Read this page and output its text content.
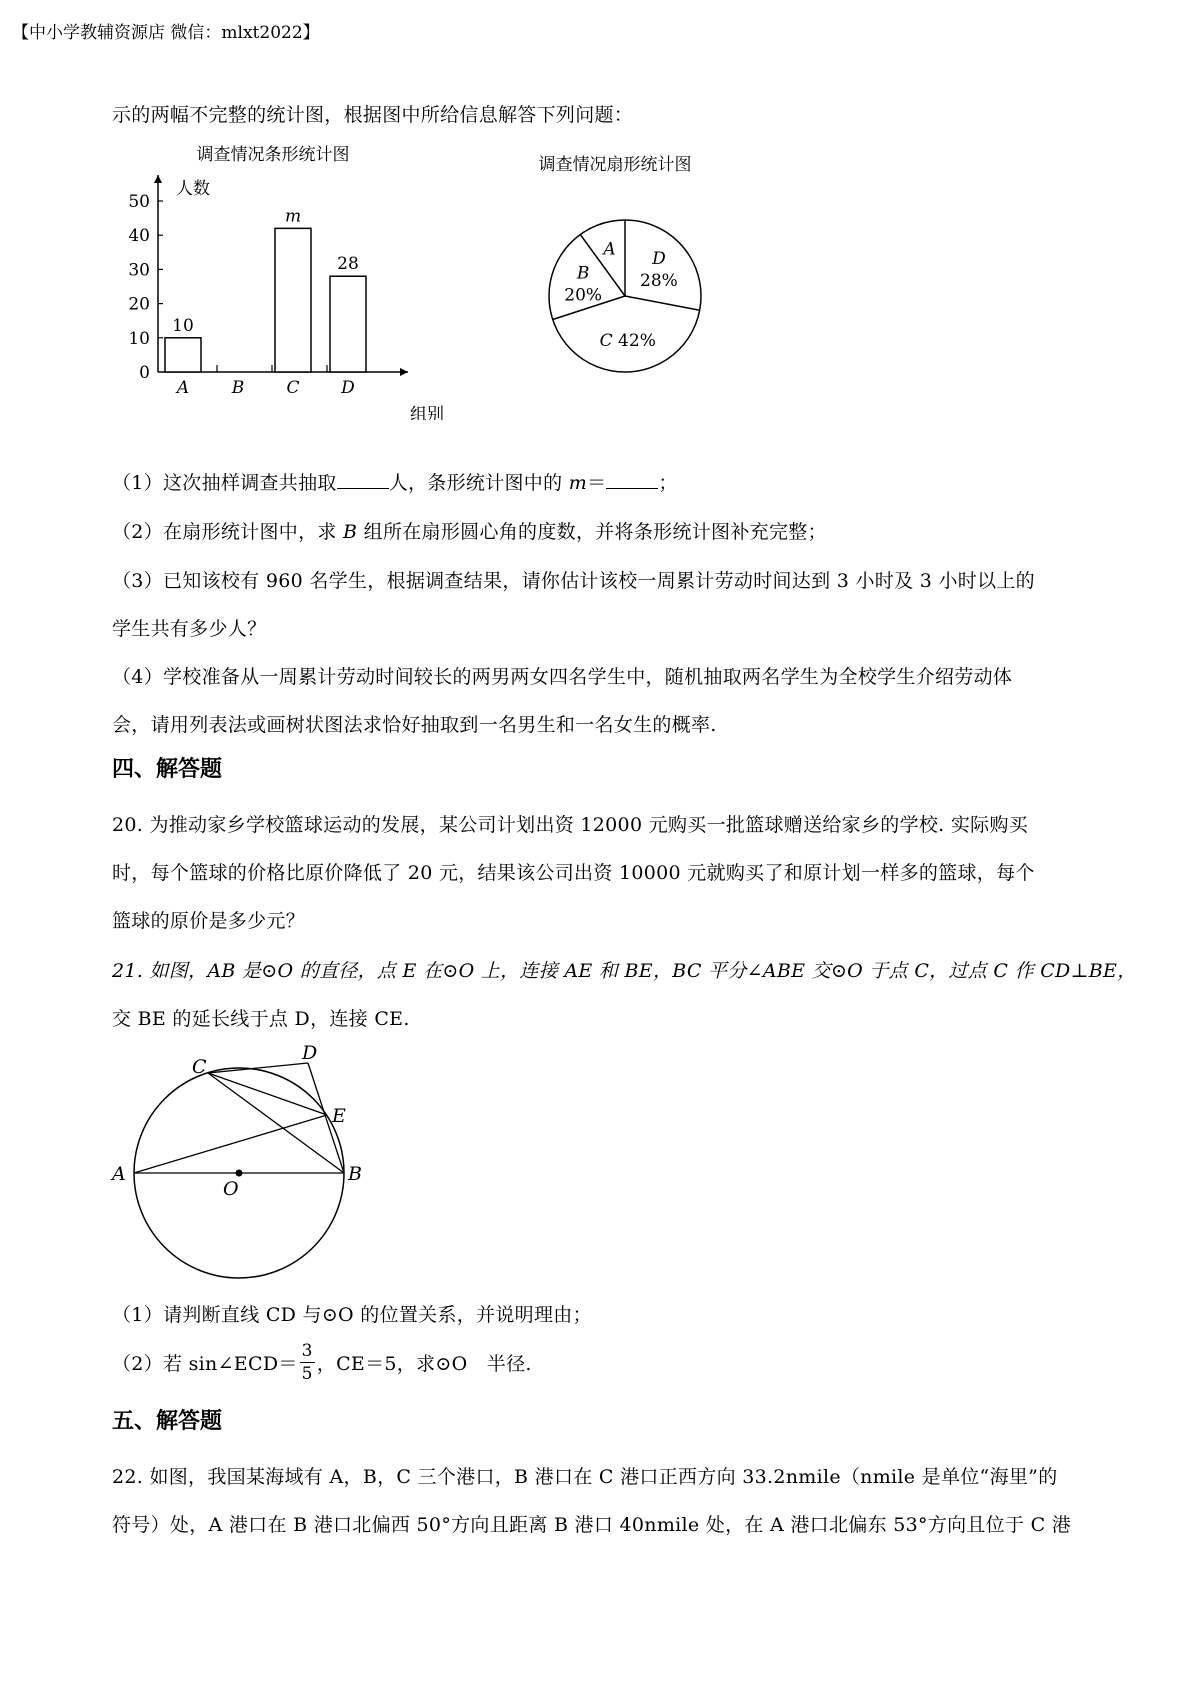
【中小学教辅资源店 微信：mlxt2022】
示的两幅不完整的统计图，根据图中所给信息解答下列问题：
调查情况条形统计图
人数
组别
0
10
20
30
40
50
A	B C D
10
m
28
调查情况扇形统计图
D 28%
C 42%
B 20%
A
（1）这次抽样调查共抽取	人，条形统计图中的 m＝	；
（2）在扇形统计图中，求 B 组所在扇形圆心角的度数，并将条形统计图补充完整；
（3）已知该校有 960 名学生，根据调查结果，请你估计该校一周累计劳动时间达到 3 小时及 3 小时以上的
学生共有多少人？
（4）学校准备从一周累计劳动时间较长的两男两女四名学生中，随机抽取两名学生为全校学生介绍劳动体
会，请用列表法或画树状图法求恰好抽取到一名男生和一名女生的概率.
四、解答题
20. 为推动家乡学校篮球运动的发展，某公司计划出资 12000 元购买一批篮球赠送给家乡的学校. 实际购买
时，每个篮球的价格比原价降低了 20 元，结果该公司出资 10000 元就购买了和原计划一样多的篮球，每个
篮球的原价是多少元？
21. 如图，AB 是⊙O 的直径，点 E 在⊙O 上，连接 AE 和 BE，BC 平分∠ABE 交⊙O 于点 C，过点 C 作 CD⊥BE，
交 BE 的延长线于点 D，连接 CE.
A	B
C
D
E
O
（1）请判断直线 CD 与⊙O 的位置关系，并说明理由；
（2）若 sin∠ECD＝ $\frac{3}{5}$ ，CE＝5，求⊙O　半径.
五、解答题
22. 如图，我国某海域有 A，B，C 三个港口，B 港口在 C 港口正西方向 33.2nmile（nmile 是单位“海里”的
符号）处，A 港口在 B 港口北偏西 50°方向且距离 B 港口 40nmile 处，在 A 港口北偏东 53°方向且位于 C 港
